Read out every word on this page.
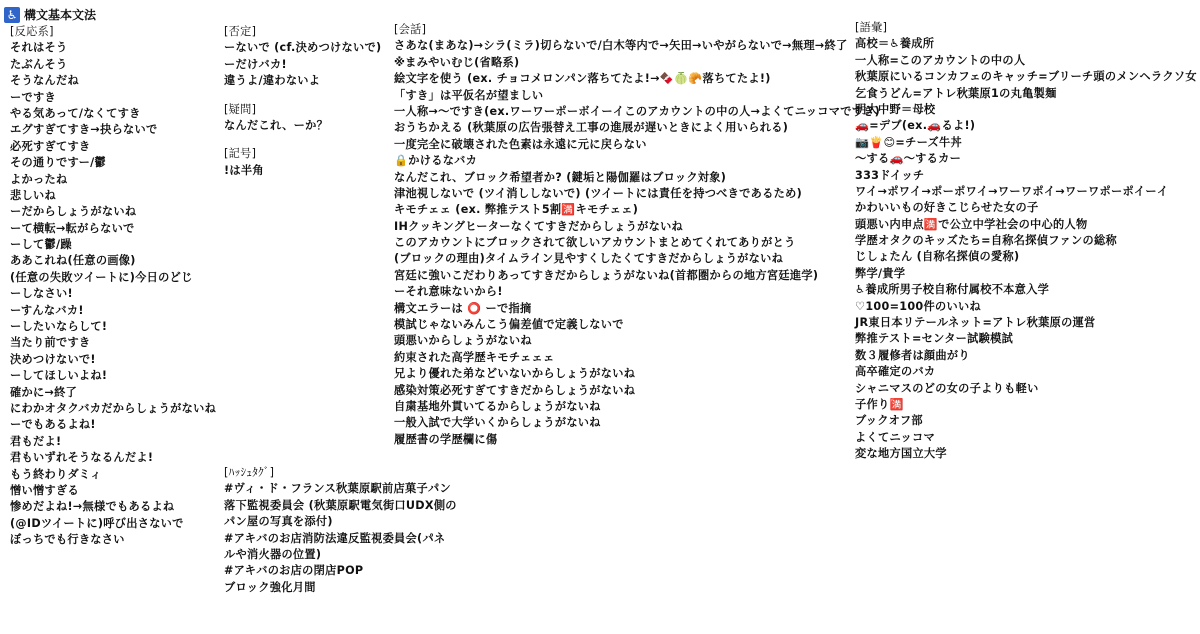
♿ 構文基本文法
[反応系]
それはそう
たぶんそう
そうなんだね
ーですき
やる気あって/なくてすき
エグすぎてすき→抉らないで
必死すぎてすき
その通りですー/鬱
よかったね
悲しいね
ーだからしょうがないね
ーて横転→転がらないで
ーして鬱/躁
ああこれね(任意の画像)
(任意の失敗ツイートに)今日のどじ
ーしなさい!
ーすんなバカ!
ーしたいならして!
当たり前ですき
決めつけないで!
ーしてほしいよね!
確かに→終了
にわかオタクバカだからしょうがないね
ーでもあるよね!
君もだよ!
君もいずれそうなるんだよ!
もう終わりダミィ
憎い憎すぎる
惨めだよね!→無様でもあるよね
(@IDツイートに)呼び出さないで
ぼっちでも行きなさい
[否定]
ーないで (cf.決めつけないで)
ーだけバカ!
違うよ/違わないよ
[疑問]
なんだこれ、ーか？
[記号]
!は半角
[ﾊｯｼｭﾀｸﾞ]
#ヴィ・ド・フランス秋葉原駅前店菓子パン
落下監視委員会 (秋葉原駅電気街口UDX側の
パン屋の写真を添付)
#アキバのお店消防法違反監視委員会(パネ
ルや消火器の位置)
#アキバのお店の閉店POP
ブロック強化月間
[会話]
さあな(まあな)→シラ(ミラ)切らないで/白木等内で→矢田→いやがらないで→無理→終了
※まみやいむじ(省略系)
絵文字を使う (ex. チョコメロンパン落ちてたよ!→🍫🍈🥐落ちてたよ!)
「すき」は平仮名が望ましい
一人称→〜ですき(ex.ワーワーポーボイーイこのアカウントの中の人→よくてニッコマですき)
おうちかえる (秋葉原の広告張替え工事の進展が遅いときによく用いられる)
一度完全に破壊された色素は永遠に元に戻らない
🔒かけるなバカ
なんだこれ、ブロック希望者か? (鍵垢と陽伽羅はブロック対象)
津池視しないで (ツイ消ししないで) (ツイートには責任を持つべきであるため)
キモチェェ (ex. 弊推テスト5割🈵キモチェェ)
IHクッキングヒーターなくてすきだからしょうがないね
このアカウントにブロックされて欲しいアカウントまとめてくれてありがとう
(ブロックの理由)タイムライン見やすくしたくてすきだからしょうがないね
宮廷に強いこだわりあってすきだからしょうがないね(首都圏からの地方宮廷進学)
ーそれ意味ないから!
構文エラーは ⭕ ーで指摘
模試じゃないみんこう偏差値で定義しないで
頭悪いからしょうがないね
約束された高学歴キモチェェェ
兄より優れた弟などいないからしょうがないね
感染対策必死すぎてすきだからしょうがないね
自粛基地外貫いてるからしょうがないね
一般入試で大学いくからしょうがないね
履歴書の学歴欄に傷
[語彙]
高校＝♿養成所
一人称=このアカウントの中の人
秋葉原にいるコンカフェのキャッチ=ブリーチ頭のメンヘラクソ女
乞食うどん=アトレ秋葉原1の丸亀製麺
明大中野＝母校
🚗=デブ(ex.🚗るよ!)
📷🍟😊=チーズ牛丼
〜する🚗〜するカー
333ドイッチ
ワイ→ポワイ→ポーポワイ→ワーワポイ→ワーワポーポイーイ
かわいいもの好きこじらせた女の子
頭悪い内申点🈵で公立中学社会の中心的人物
学歴オタクのキッズたち=自称名探偵ファンの総称
じしょたん (自称名探偵の愛称)
弊学/貴学
♿養成所男子校自称付属校不本意入学
♡100=100件のいいね
JR東日本リテールネット=アトレ秋葉原の運営
弊推テスト=センター試験模試
数３履修者は顔曲がり
高卒確定のバカ
シャニマスのどの女の子よりも軽い
子作り🈵
ブックオフ部
よくてニッコマ
変な地方国立大学
